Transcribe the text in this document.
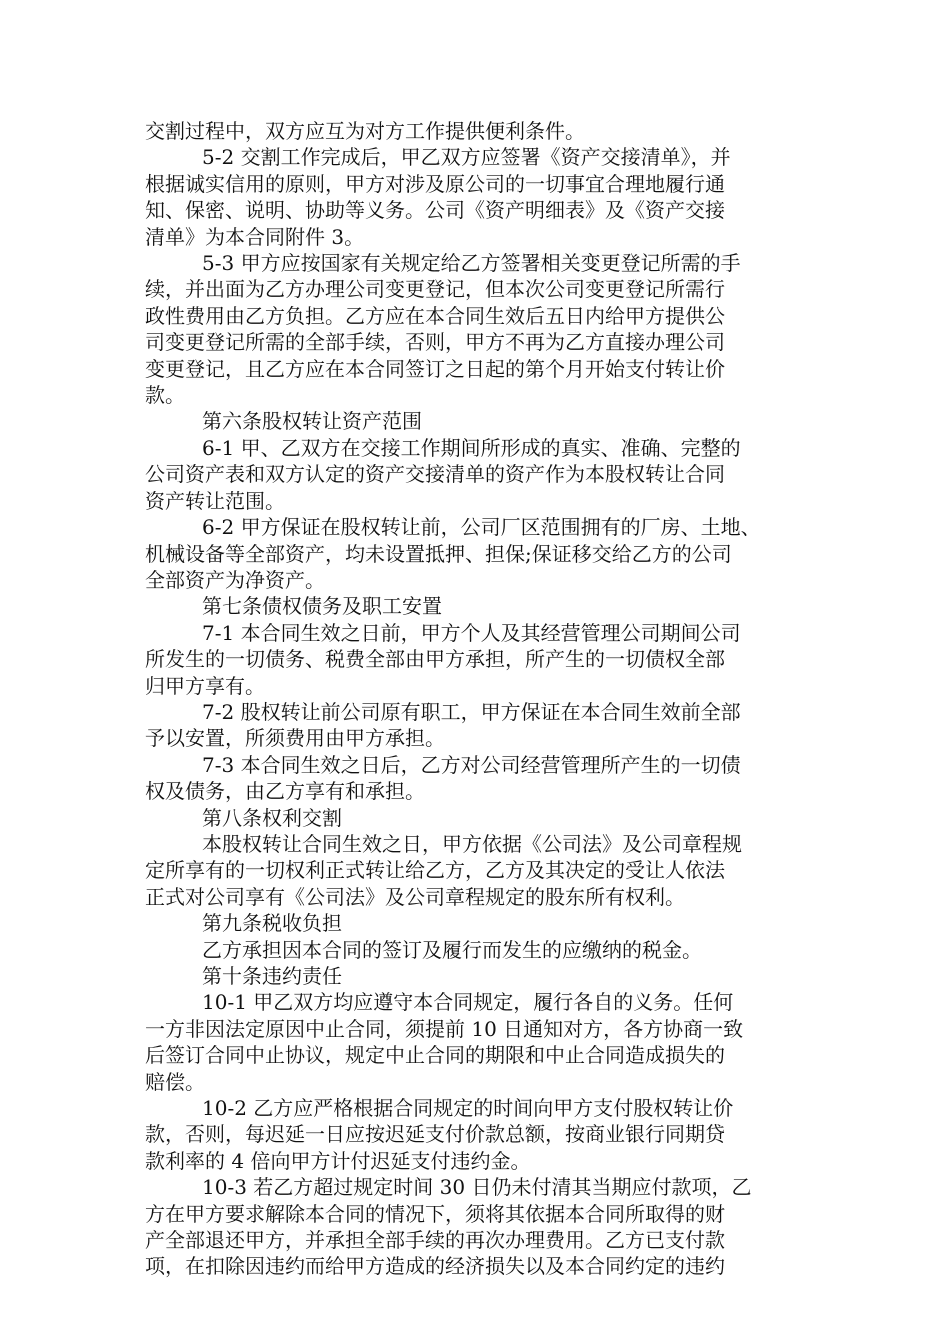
交割过程中，双方应互为对方工作提供便利条件。
5-2 交割工作完成后，甲乙双方应签署《资产交接清单》，并
根据诚实信用的原则，甲方对涉及原公司的一切事宜合理地履行通
知、保密、说明、协助等义务。公司《资产明细表》及《资产交接
清单》为本合同附件 3。
5-3 甲方应按国家有关规定给乙方签署相关变更登记所需的手
续，并出面为乙方办理公司变更登记，但本次公司变更登记所需行
政性费用由乙方负担。乙方应在本合同生效后五日内给甲方提供公
司变更登记所需的全部手续，否则，甲方不再为乙方直接办理公司
变更登记，且乙方应在本合同签订之日起的第个月开始支付转让价
款。
第六条股权转让资产范围
6-1 甲、乙双方在交接工作期间所形成的真实、准确、完整的
公司资产表和双方认定的资产交接清单的资产作为本股权转让合同
资产转让范围。
6-2 甲方保证在股权转让前，公司厂区范围拥有的厂房、土地、
机械设备等全部资产，均未设置抵押、担保;保证移交给乙方的公司
全部资产为净资产。
第七条债权债务及职工安置
7-1 本合同生效之日前，甲方个人及其经营管理公司期间公司
所发生的一切债务、税费全部由甲方承担，所产生的一切债权全部
归甲方享有。
7-2 股权转让前公司原有职工，甲方保证在本合同生效前全部
予以安置，所须费用由甲方承担。
7-3 本合同生效之日后，乙方对公司经营管理所产生的一切债
权及债务，由乙方享有和承担。
第八条权利交割
本股权转让合同生效之日，甲方依据《公司法》及公司章程规
定所享有的一切权利正式转让给乙方，乙方及其决定的受让人依法
正式对公司享有《公司法》及公司章程规定的股东所有权利。
第九条税收负担
乙方承担因本合同的签订及履行而发生的应缴纳的税金。
第十条违约责任
10-1 甲乙双方均应遵守本合同规定，履行各自的义务。任何
一方非因法定原因中止合同，须提前 10 日通知对方，各方协商一致
后签订合同中止协议，规定中止合同的期限和中止合同造成损失的
赔偿。
10-2 乙方应严格根据合同规定的时间向甲方支付股权转让价
款，否则，每迟延一日应按迟延支付价款总额，按商业银行同期贷
款利率的 4 倍向甲方计付迟延支付违约金。
10-3 若乙方超过规定时间 30 日仍未付清其当期应付款项，乙
方在甲方要求解除本合同的情况下，须将其依据本合同所取得的财
产全部退还甲方，并承担全部手续的再次办理费用。乙方已支付款
项，在扣除因违约而给甲方造成的经济损失以及本合同约定的违约
